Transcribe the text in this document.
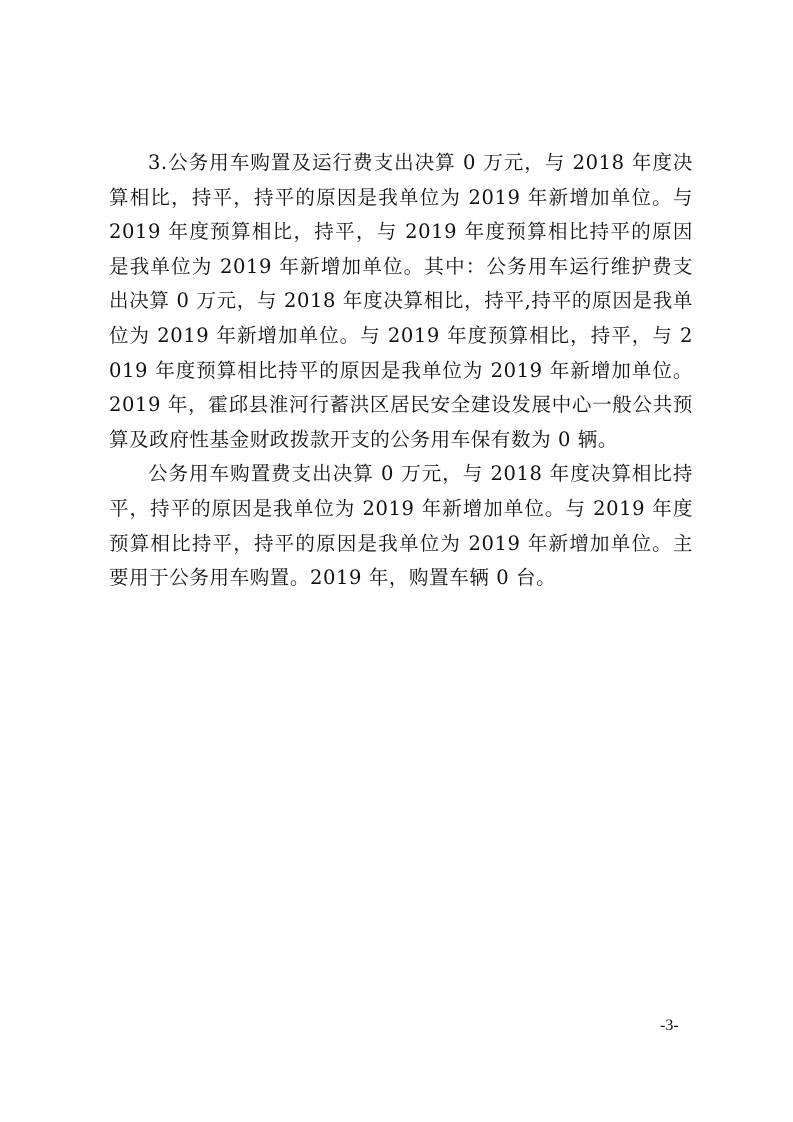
3.公务用车购置及运行费支出决算 0 万元，与 2018 年度决算相比，持平，持平的原因是我单位为 2019 年新增加单位。与 2019 年度预算相比，持平，与 2019 年度预算相比持平的原因是我单位为 2019 年新增加单位。其中：公务用车运行维护费支出决算 0 万元，与 2018 年度决算相比，持平,持平的原因是我单位为 2019 年新增加单位。与 2019 年度预算相比，持平，与 2019 年度预算相比持平的原因是我单位为 2019 年新增加单位。2019 年，霍邱县淮河行蓄洪区居民安全建设发展中心一般公共预算及政府性基金财政拨款开支的公务用车保有数为 0 辆。

公务用车购置费支出决算 0 万元，与 2018 年度决算相比持平，持平的原因是我单位为 2019 年新增加单位。与 2019 年度预算相比持平，持平的原因是我单位为 2019 年新增加单位。主要用于公务用车购置。2019 年，购置车辆 0 台。

-3-
